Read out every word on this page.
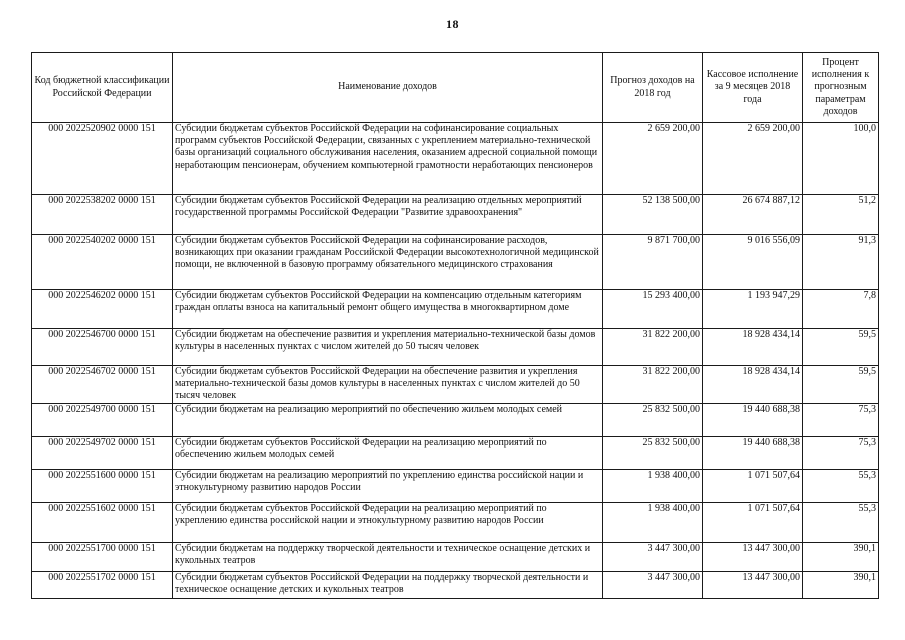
18
Код бюджетной классификации Российской Федерации	Наименование доходов	Прогноз доходов на 2018 год	Кассовое исполнение за 9 месяцев 2018 года	Процент исполнения к прогнозным параметрам доходов
000 2022520902 0000 151	Субсидии бюджетам субъектов Российской Федерации на софинансирование социальных программ субъектов Российской Федерации, связанных с укреплением материально-технической базы организаций социального обслуживания населения, оказанием адресной социальной помощи неработающим пенсионерам, обучением компьютерной грамотности неработающих пенсионеров	2 659 200,00	2 659 200,00	100,0
000 2022538202 0000 151	Субсидии бюджетам субъектов Российской Федерации на реализацию отдельных мероприятий государственной программы Российской Федерации "Развитие здравоохранения"	52 138 500,00	26 674 887,12	51,2
000 2022540202 0000 151	Субсидии бюджетам субъектов Российской Федерации на софинансирование расходов, возникающих при оказании гражданам Российской Федерации высокотехнологичной медицинской помощи, не включенной в базовую программу обязательного медицинского страхования	9 871 700,00	9 016 556,09	91,3
000 2022546202 0000 151	Субсидии бюджетам субъектов Российской Федерации на компенсацию отдельным категориям граждан оплаты взноса на капитальный ремонт общего имущества в многоквартирном доме	15 293 400,00	1 193 947,29	7,8
000 2022546700 0000 151	Субсидии бюджетам на обеспечение развития и укрепления материально-технической базы домов культуры в населенных пунктах с числом жителей до 50 тысяч человек	31 822 200,00	18 928 434,14	59,5
000 2022546702 0000 151	Субсидии бюджетам субъектов Российской Федерации на обеспечение развития и укрепления материально-технической базы домов культуры в населенных пунктах с числом жителей до 50 тысяч человек	31 822 200,00	18 928 434,14	59,5
000 2022549700 0000 151	Субсидии бюджетам на реализацию мероприятий по обеспечению жильем молодых семей	25 832 500,00	19 440 688,38	75,3
000 2022549702 0000 151	Субсидии бюджетам субъектов Российской Федерации на реализацию мероприятий по обеспечению жильем молодых семей	25 832 500,00	19 440 688,38	75,3
000 2022551600 0000 151	Субсидии бюджетам на реализацию мероприятий по укреплению единства российской нации и этнокультурному развитию народов России	1 938 400,00	1 071 507,64	55,3
000 2022551602 0000 151	Субсидии бюджетам субъектов Российской Федерации на реализацию мероприятий по укреплению единства российской нации и этнокультурному развитию народов России	1 938 400,00	1 071 507,64	55,3
000 2022551700 0000 151	Субсидии бюджетам на поддержку творческой деятельности и техническое оснащение детских и кукольных театров	3 447 300,00	13 447 300,00	390,1
000 2022551702 0000 151	Субсидии бюджетам субъектов Российской Федерации на поддержку творческой деятельности и техническое оснащение детских и кукольных театров	3 447 300,00	13 447 300,00	390,1
